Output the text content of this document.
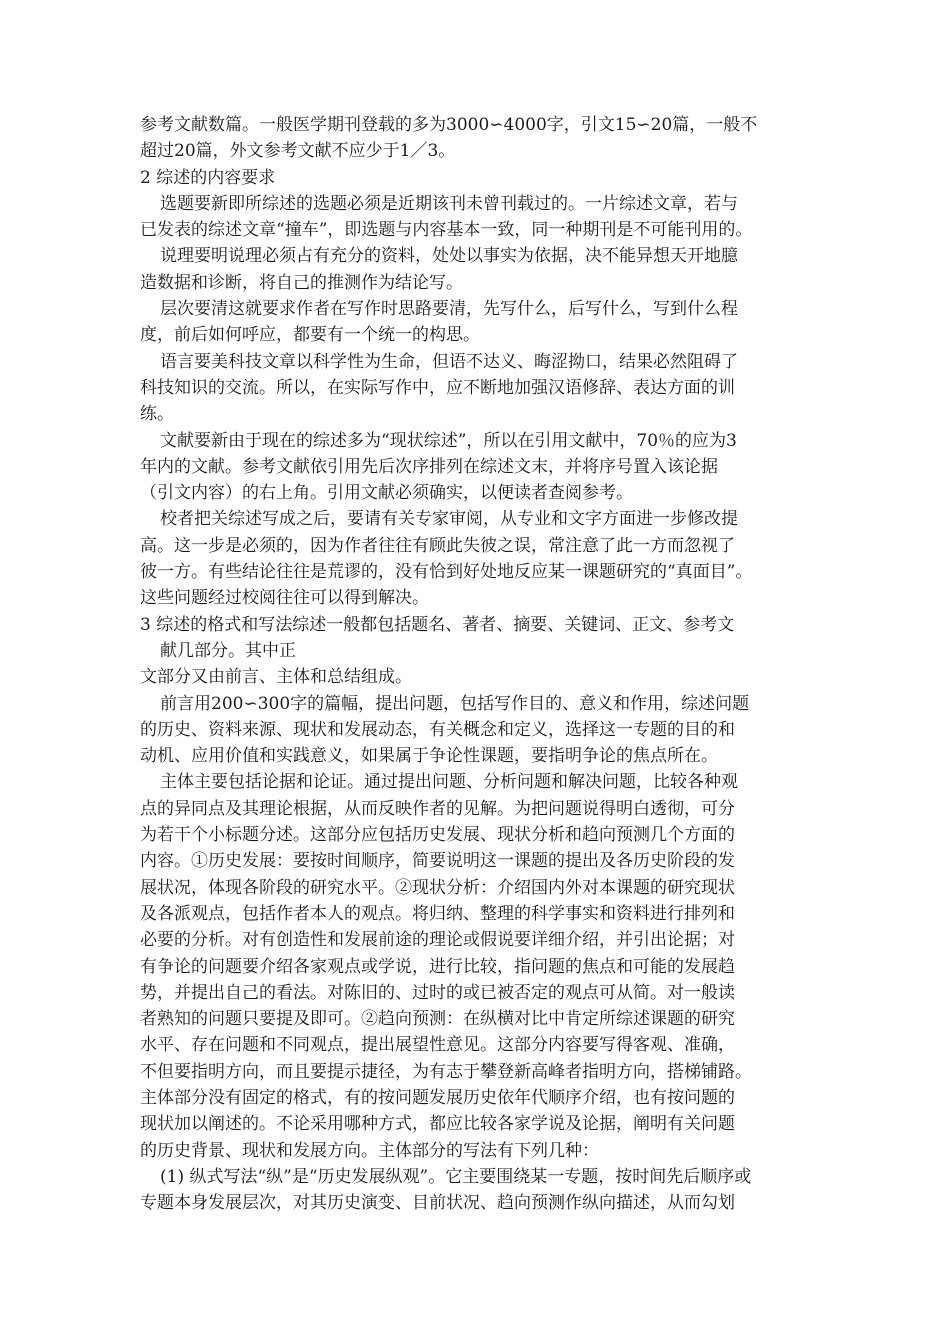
参考文献数篇。一般医学期刊登载的多为3000∽4000字，引文15∽20篇，一般不
超过20篇，外文参考文献不应少于1／3。
2 综述的内容要求
选题要新即所综述的选题必须是近期该刊未曾刊载过的。一片综述文章，若与
已发表的综述文章“撞车”，即选题与内容基本一致，同一种期刊是不可能刊用的。
说理要明说理必须占有充分的资料，处处以事实为依据，决不能异想天开地臆
造数据和诊断，将自己的推测作为结论写。
层次要清这就要求作者在写作时思路要清，先写什么，后写什么，写到什么程
度，前后如何呼应，都要有一个统一的构思。
语言要美科技文章以科学性为生命，但语不达义、晦涩拗口，结果必然阻碍了
科技知识的交流。所以，在实际写作中，应不断地加强汉语修辞、表达方面的训
练。
文献要新由于现在的综述多为“现状综述”，所以在引用文献中，70％的应为3
年内的文献。参考文献依引用先后次序排列在综述文末，并将序号置入该论据
（引文内容）的右上角。引用文献必须确实，以便读者查阅参考。
校者把关综述写成之后，要请有关专家审阅，从专业和文字方面进一步修改提
高。这一步是必须的，因为作者往往有顾此失彼之误，常注意了此一方而忽视了
彼一方。有些结论往往是荒谬的，没有恰到好处地反应某一课题研究的“真面目”。
这些问题经过校阅往往可以得到解决。
3 综述的格式和写法综述一般都包括题名、著者、摘要、关键词、正文、参考文
献几部分。其中正
文部分又由前言、主体和总结组成。
前言用200∽300字的篇幅，提出问题，包括写作目的、意义和作用，综述问题
的历史、资料来源、现状和发展动态，有关概念和定义，选择这一专题的目的和
动机、应用价值和实践意义，如果属于争论性课题，要指明争论的焦点所在。
主体主要包括论据和论证。通过提出问题、分析问题和解决问题，比较各种观
点的异同点及其理论根据，从而反映作者的见解。为把问题说得明白透彻，可分
为若干个小标题分述。这部分应包括历史发展、现状分析和趋向预测几个方面的
内容。①历史发展：要按时间顺序，简要说明这一课题的提出及各历史阶段的发
展状况，体现各阶段的研究水平。②现状分析：介绍国内外对本课题的研究现状
及各派观点，包括作者本人的观点。将归纳、整理的科学事实和资料进行排列和
必要的分析。对有创造性和发展前途的理论或假说要详细介绍，并引出论据；对
有争论的问题要介绍各家观点或学说，进行比较，指问题的焦点和可能的发展趋
势，并提出自己的看法。对陈旧的、过时的或已被否定的观点可从简。对一般读
者熟知的问题只要提及即可。②趋向预测：在纵横对比中肯定所综述课题的研究
水平、存在问题和不同观点，提出展望性意见。这部分内容要写得客观、准确，
不但要指明方向，而且要提示捷径，为有志于攀登新高峰者指明方向，搭梯铺路。
主体部分没有固定的格式，有的按问题发展历史依年代顺序介绍，也有按问题的
现状加以阐述的。不论采用哪种方式，都应比较各家学说及论据，阐明有关问题
的历史背景、现状和发展方向。主体部分的写法有下列几种：
(1) 纵式写法“纵”是“历史发展纵观”。它主要围绕某一专题，按时间先后顺序或
专题本身发展层次，对其历史演变、目前状况、趋向预测作纵向描述，从而勾划
